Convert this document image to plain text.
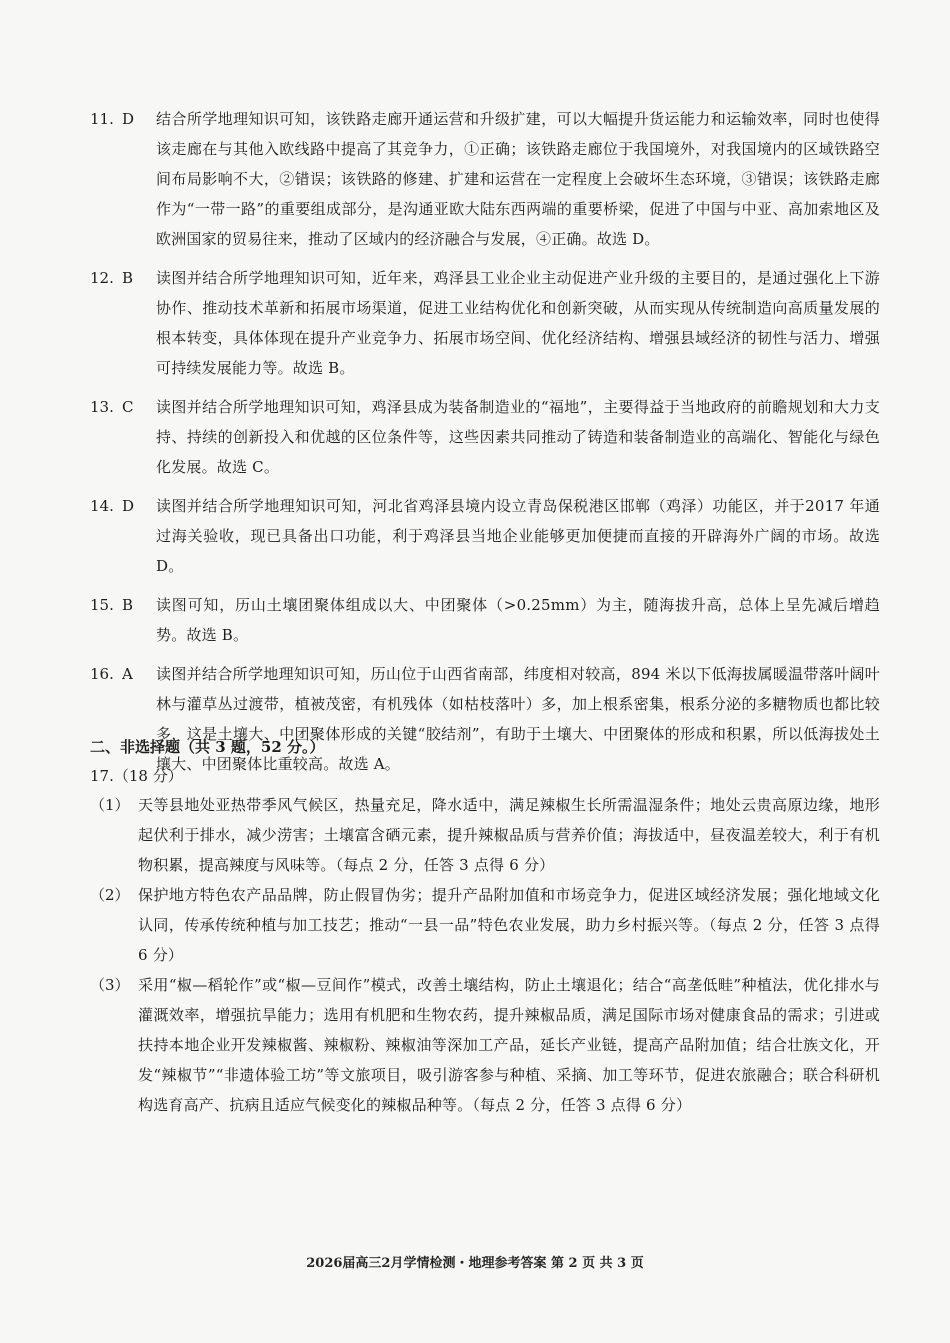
11. D	结合所学地理知识可知，该铁路走廊开通运营和升级扩建，可以大幅提升货运能力和运输效率，同时也使得该走廊在与其他入欧线路中提高了其竞争力，①正确；该铁路走廊位于我国境外，对我国境内的区域铁路空间布局影响不大，②错误；该铁路的修建、扩建和运营在一定程度上会破坏生态环境，③错误；该铁路走廊作为“一带一路”的重要组成部分，是沟通亚欧大陆东西两端的重要桥梁，促进了中国与中亚、高加索地区及欧洲国家的贸易往来，推动了区域内的经济融合与发展，④正确。故选 D。
12. B	读图并结合所学地理知识可知，近年来，鸡泽县工业企业主动促进产业升级的主要目的，是通过强化上下游协作、推动技术革新和拓展市场渠道，促进工业结构优化和创新突破，从而实现从传统制造向高质量发展的根本转变，具体体现在提升产业竞争力、拓展市场空间、优化经济结构、增强县域经济的韧性与活力、增强可持续发展能力等。故选 B。
13. C	读图并结合所学地理知识可知，鸡泽县成为装备制造业的“福地”，主要得益于当地政府的前瞻规划和大力支持、持续的创新投入和优越的区位条件等，这些因素共同推动了铸造和装备制造业的高端化、智能化与绿色化发展。故选 C。
14. D	读图并结合所学地理知识可知，河北省鸡泽县境内设立青岛保税港区邯郸（鸡泽）功能区，并于2017 年通过海关验收，现已具备出口功能，利于鸡泽县当地企业能够更加便捷而直接的开辟海外广阔的市场。故选 D。
15. B	读图可知，历山土壤团聚体组成以大、中团聚体（>0.25mm）为主，随海拔升高，总体上呈先减后增趋势。故选 B。
16. A	读图并结合所学地理知识可知，历山位于山西省南部，纬度相对较高，894 米以下低海拔属暖温带落叶阔叶林与灌草丛过渡带，植被茂密，有机残体（如枯枝落叶）多，加上根系密集，根系分泌的多糖物质也都比较多，这是土壤大、中团聚体形成的关键“胶结剂”，有助于土壤大、中团聚体的形成和积累，所以低海拔处土壤大、中团聚体比重较高。故选 A。
二、非选择题（共 3 题，52 分。）
17.（18 分）
（1） 天等县地处亚热带季风气候区，热量充足，降水适中，满足辣椒生长所需温湿条件；地处云贵高原边缘，地形起伏利于排水，减少涝害；土壤富含硒元素，提升辣椒品质与营养价值；海拔适中，昼夜温差较大，利于有机物积累，提高辣度与风味等。（每点 2 分，任答 3 点得 6 分）
（2） 保护地方特色农产品品牌，防止假冒伪劣；提升产品附加值和市场竞争力，促进区域经济发展；强化地域文化认同，传承传统种植与加工技艺；推动“一县一品”特色农业发展，助力乡村振兴等。（每点 2 分，任答 3 点得 6 分）
（3） 采用“椒—稻轮作”或“椒—豆间作”模式，改善土壤结构，防止土壤退化；结合“高垄低畦”种植法，优化排水与灌溉效率，增强抗旱能力；选用有机肥和生物农药，提升辣椒品质，满足国际市场对健康食品的需求；引进或扶持本地企业开发辣椒酱、辣椒粉、辣椒油等深加工产品，延长产业链，提高产品附加值；结合壮族文化，开发“辣椒节”“非遗体验工坊”等文旅项目，吸引游客参与种植、采摘、加工等环节，促进农旅融合；联合科研机构选育高产、抗病且适应气候变化的辣椒品种等。（每点 2 分，任答 3 点得 6 分）
2026届高三2月学情检测・地理参考答案 第 2 页 共 3 页
